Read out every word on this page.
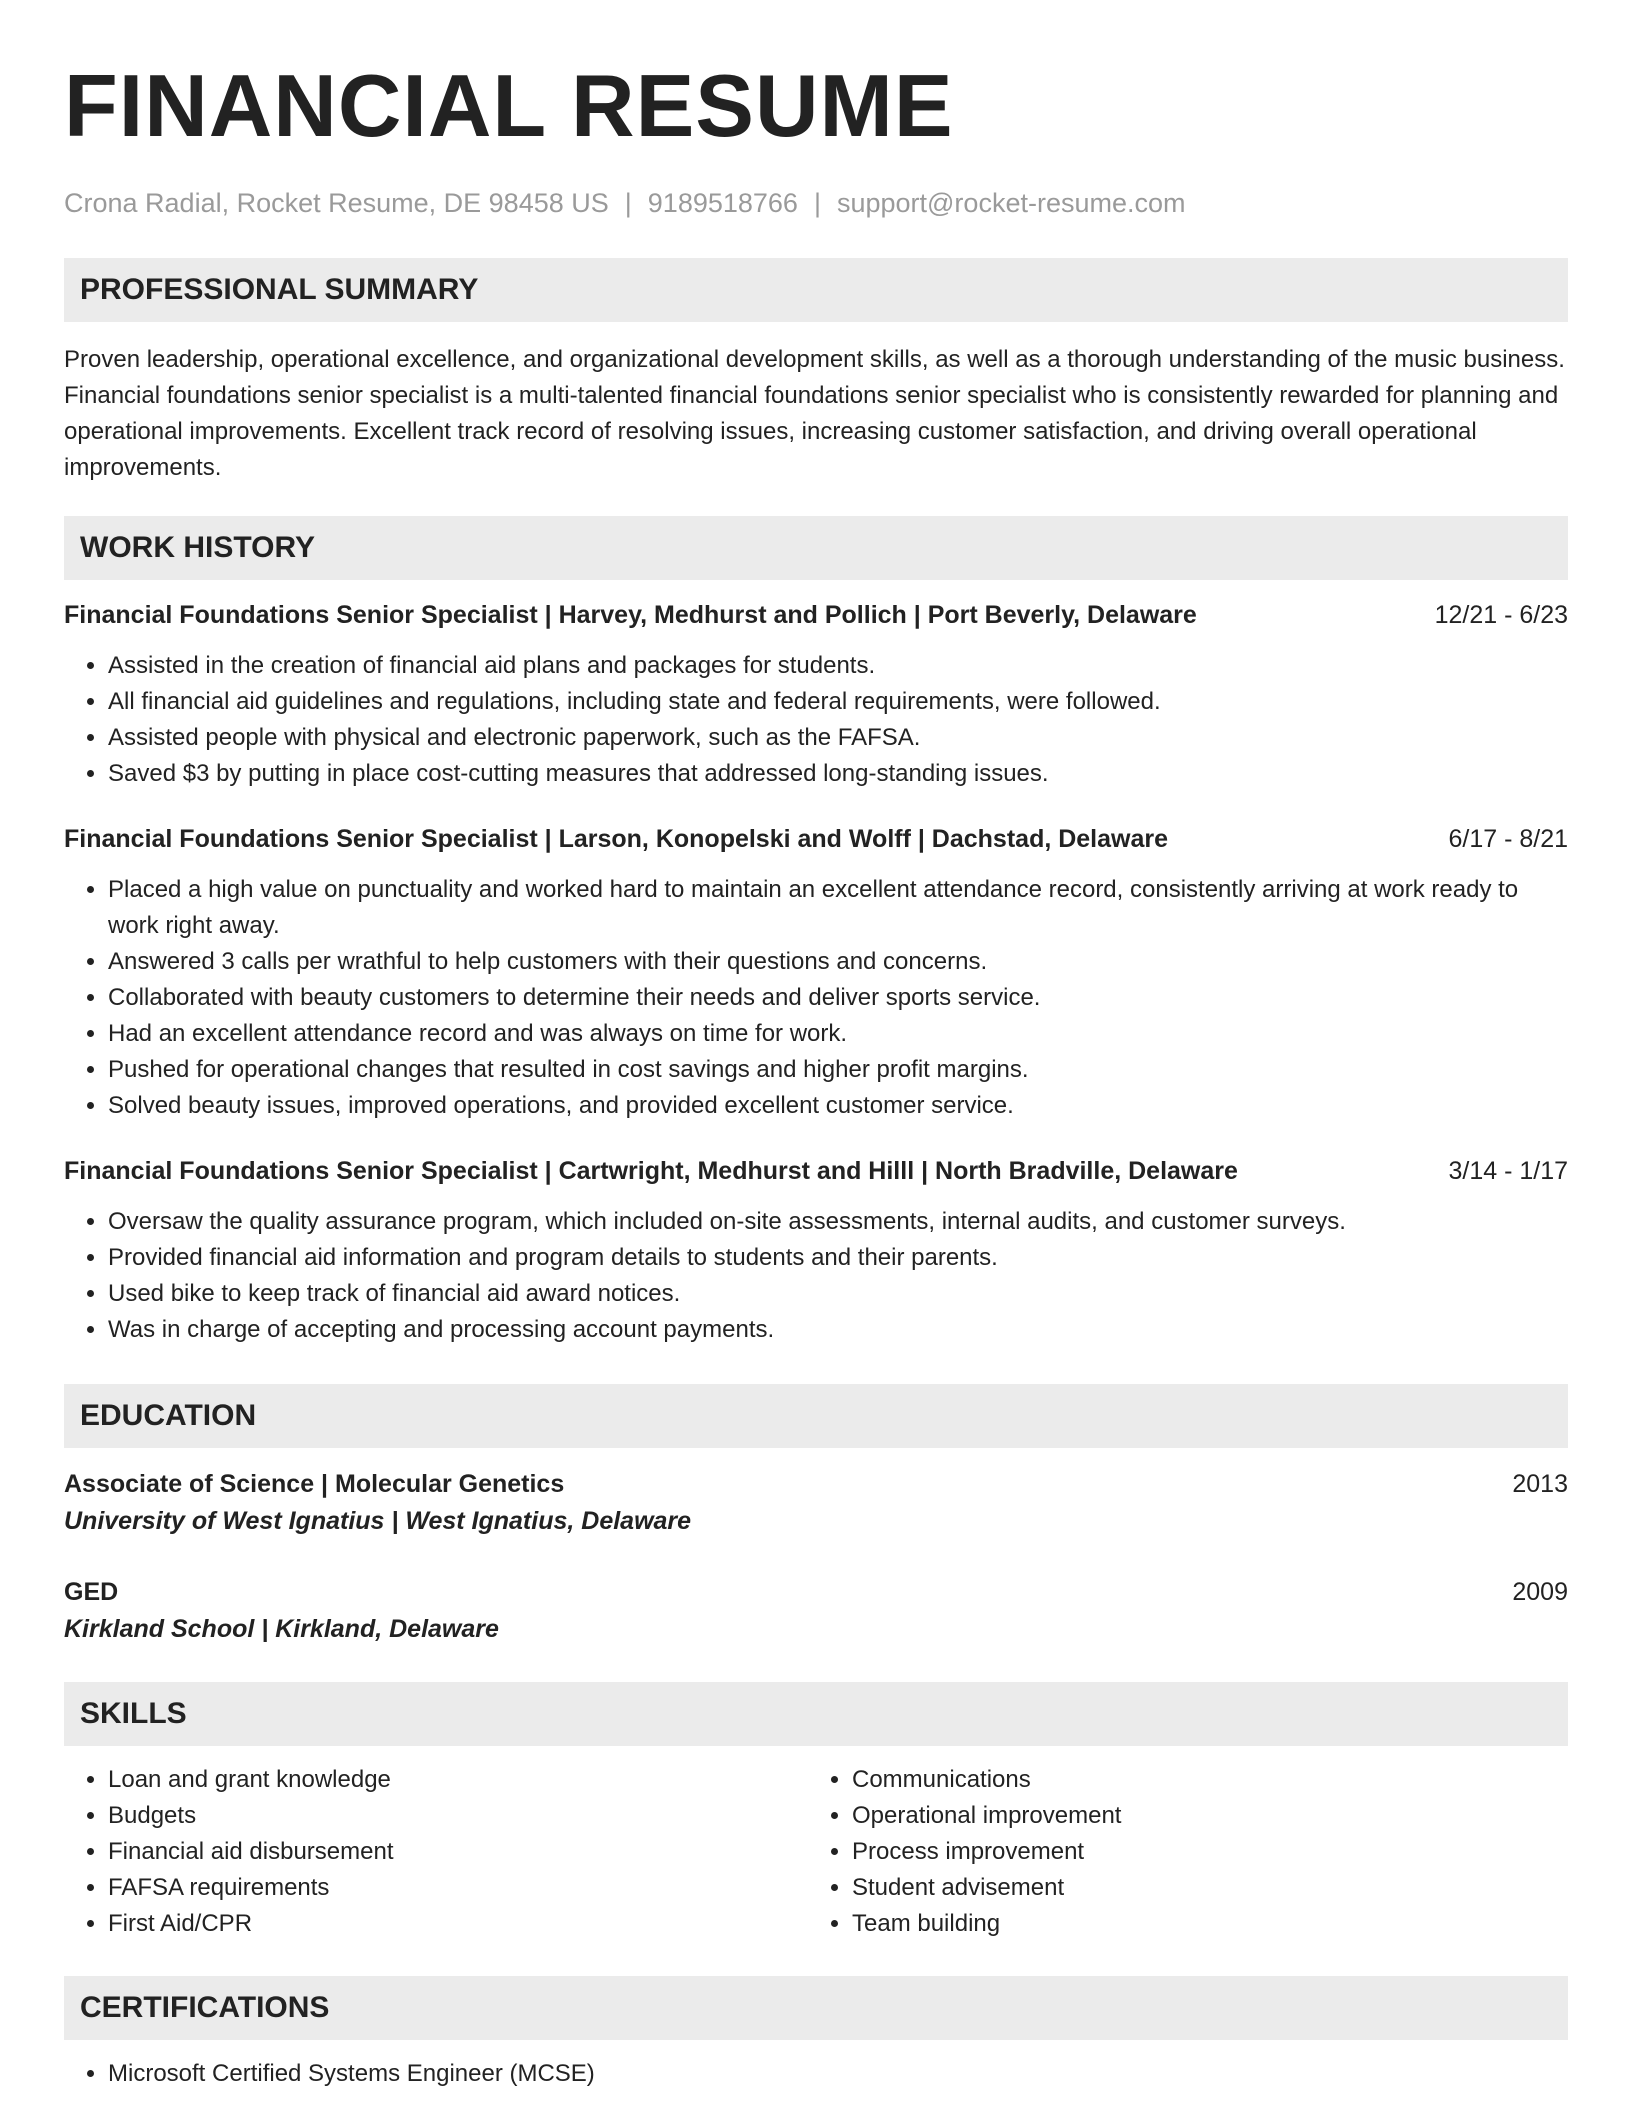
FINANCIAL RESUME
Crona Radial, Rocket Resume, DE 98458 US | 9189518766 | support@rocket-resume.com
PROFESSIONAL SUMMARY

Proven leadership, operational excellence, and organizational development skills, as well as a thorough understanding of the music business. Financial foundations senior specialist is a multi-talented financial foundations senior specialist who is consistently rewarded for planning and operational improvements. Excellent track record of resolving issues, increasing customer satisfaction, and driving overall operational improvements.

WORK HISTORY
Financial Foundations Senior Specialist | Harvey, Medhurst and Pollich | Port Beverly, Delaware	12/21 - 6/23
• Assisted in the creation of financial aid plans and packages for students.
• All financial aid guidelines and regulations, including state and federal requirements, were followed.
• Assisted people with physical and electronic paperwork, such as the FAFSA.
• Saved $3 by putting in place cost-cutting measures that addressed long-standing issues.
Financial Foundations Senior Specialist | Larson, Konopelski and Wolff | Dachstad, Delaware	6/17 - 8/21
• Placed a high value on punctuality and worked hard to maintain an excellent attendance record, consistently arriving at work ready to work right away.
• Answered 3 calls per wrathful to help customers with their questions and concerns.
• Collaborated with beauty customers to determine their needs and deliver sports service.
• Had an excellent attendance record and was always on time for work.
• Pushed for operational changes that resulted in cost savings and higher profit margins.
• Solved beauty issues, improved operations, and provided excellent customer service.
Financial Foundations Senior Specialist | Cartwright, Medhurst and Hilll | North Bradville, Delaware	3/14 - 1/17
• Oversaw the quality assurance program, which included on-site assessments, internal audits, and customer surveys.
• Provided financial aid information and program details to students and their parents.
• Used bike to keep track of financial aid award notices.
• Was in charge of accepting and processing account payments.
EDUCATION
Associate of Science | Molecular Genetics	2013
University of West Ignatius | West Ignatius, Delaware
GED	2009
Kirkland School | Kirkland, Delaware
SKILLS
• Loan and grant knowledge
• Budgets
• Financial aid disbursement
• FAFSA requirements
• First Aid/CPR
• Communications
• Operational improvement
• Process improvement
• Student advisement
• Team building
CERTIFICATIONS
• Microsoft Certified Systems Engineer (MCSE)
